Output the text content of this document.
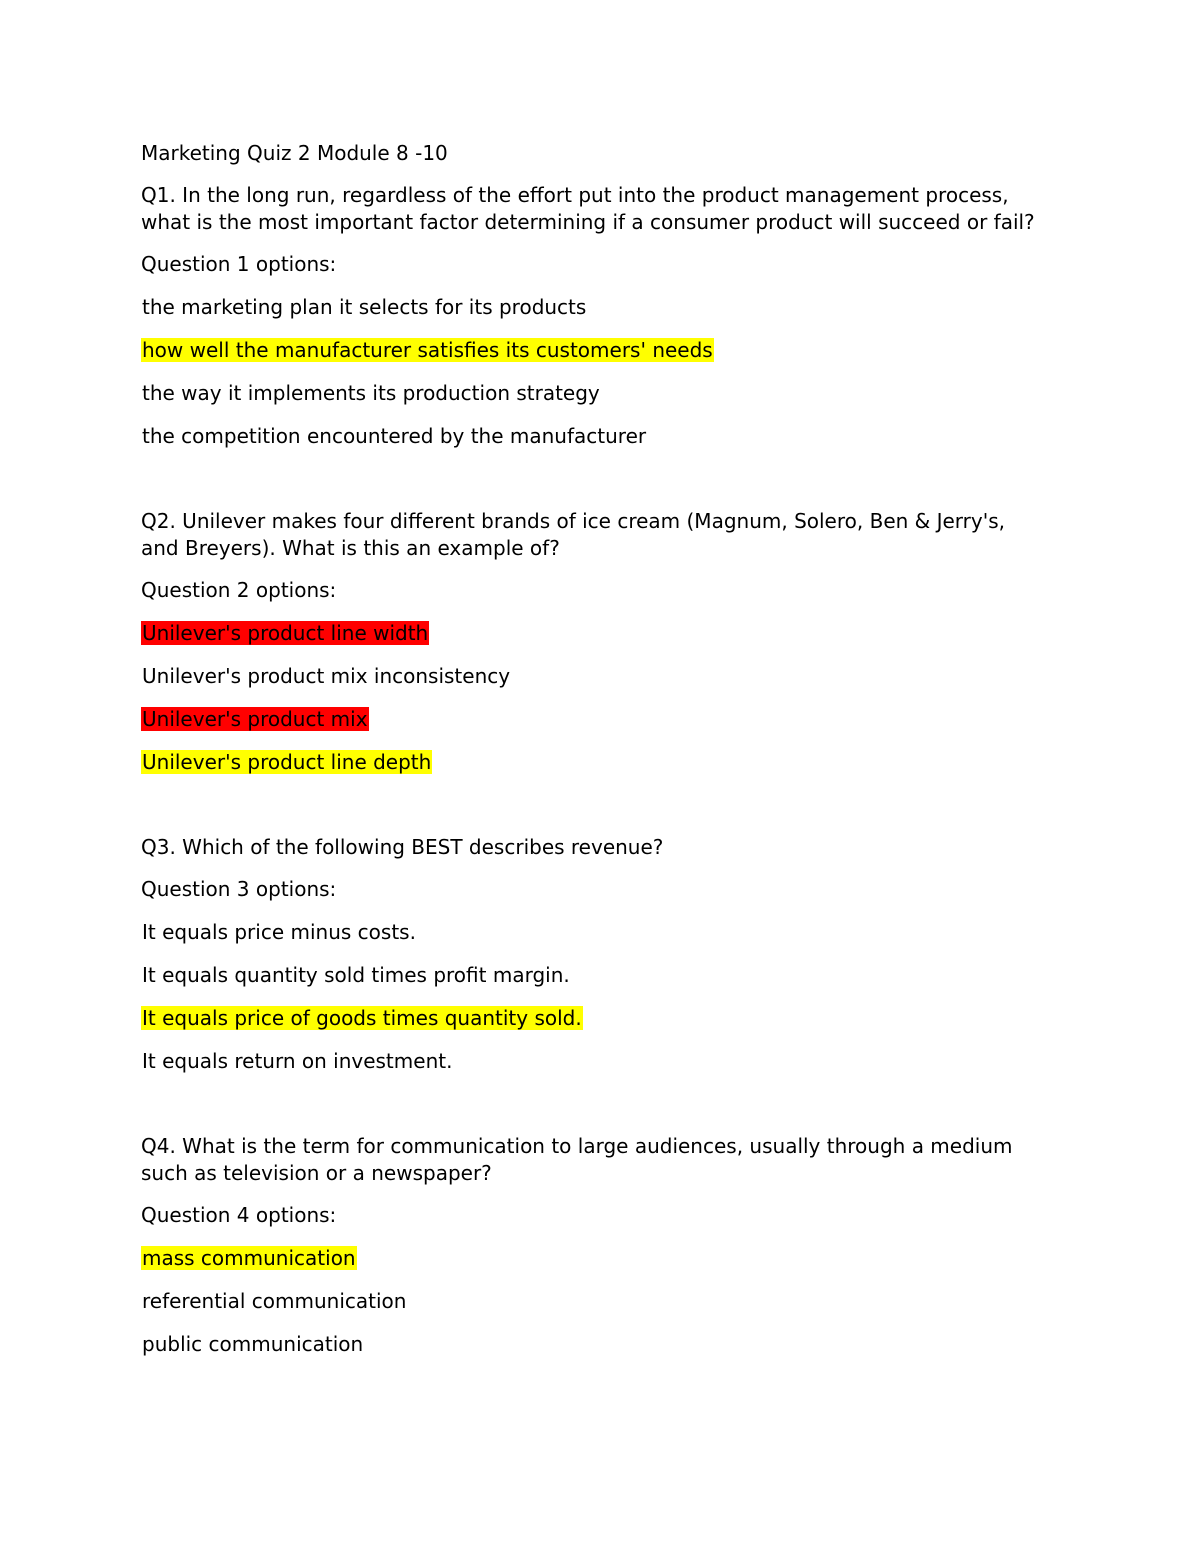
Marketing Quiz 2 Module 8 -10
Q1. In the long run, regardless of the effort put into the product management process, what is the most important factor determining if a consumer product will succeed or fail?
Question 1 options:
the marketing plan it selects for its products
how well the manufacturer satisfies its customers' needs
the way it implements its production strategy
the competition encountered by the manufacturer
Q2. Unilever makes four different brands of ice cream (Magnum, Solero, Ben & Jerry's, and Breyers). What is this an example of?
Question 2 options:
Unilever's product line width
Unilever's product mix inconsistency
Unilever's product mix
Unilever's product line depth
Q3. Which of the following BEST describes revenue?
Question 3 options:
It equals price minus costs.
It equals quantity sold times profit margin.
It equals price of goods times quantity sold.
It equals return on investment.
Q4. What is the term for communication to large audiences, usually through a medium such as television or a newspaper?
Question 4 options:
mass communication
referential communication
public communication
